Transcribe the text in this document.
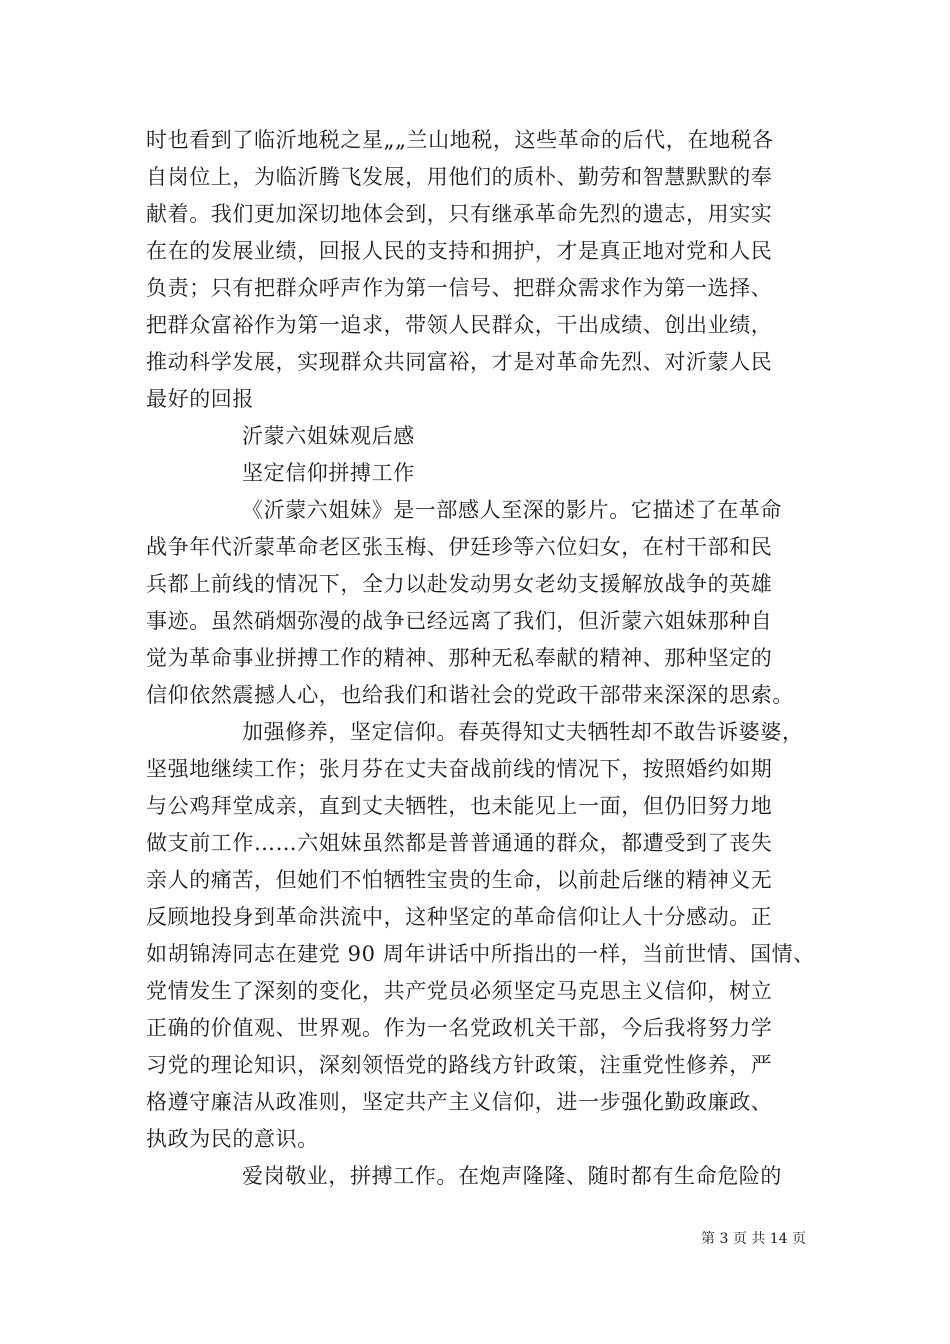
时也看到了临沂地税之星„„兰山地税，这些革命的后代，在地税各
自岗位上，为临沂腾飞发展，用他们的质朴、勤劳和智慧默默的奉
献着。我们更加深切地体会到，只有继承革命先烈的遗志，用实实
在在的发展业绩，回报人民的支持和拥护，才是真正地对党和人民
负责；只有把群众呼声作为第一信号、把群众需求作为第一选择、
把群众富裕作为第一追求，带领人民群众，干出成绩、创出业绩，
推动科学发展，实现群众共同富裕，才是对革命先烈、对沂蒙人民
最好的回报
沂蒙六姐妹观后感
坚定信仰拼搏工作
《沂蒙六姐妹》是一部感人至深的影片。它描述了在革命
战争年代沂蒙革命老区张玉梅、伊廷珍等六位妇女，在村干部和民
兵都上前线的情况下，全力以赴发动男女老幼支援解放战争的英雄
事迹。虽然硝烟弥漫的战争已经远离了我们，但沂蒙六姐妹那种自
觉为革命事业拼搏工作的精神、那种无私奉献的精神、那种坚定的
信仰依然震撼人心，也给我们和谐社会的党政干部带来深深的思索。
加强修养，坚定信仰。春英得知丈夫牺牲却不敢告诉婆婆，
坚强地继续工作；张月芬在丈夫奋战前线的情况下，按照婚约如期
与公鸡拜堂成亲，直到丈夫牺牲，也未能见上一面，但仍旧努力地
做支前工作……六姐妹虽然都是普普通通的群众，都遭受到了丧失
亲人的痛苦，但她们不怕牺牲宝贵的生命，以前赴后继的精神义无
反顾地投身到革命洪流中，这种坚定的革命信仰让人十分感动。正
如胡锦涛同志在建党 90 周年讲话中所指出的一样，当前世情、国情、
党情发生了深刻的变化，共产党员必须坚定马克思主义信仰，树立
正确的价值观、世界观。作为一名党政机关干部，今后我将努力学
习党的理论知识，深刻领悟党的路线方针政策，注重党性修养，严
格遵守廉洁从政准则，坚定共产主义信仰，进一步强化勤政廉政、
执政为民的意识。
爱岗敬业，拼搏工作。在炮声隆隆、随时都有生命危险的
第 3 页 共 14 页
